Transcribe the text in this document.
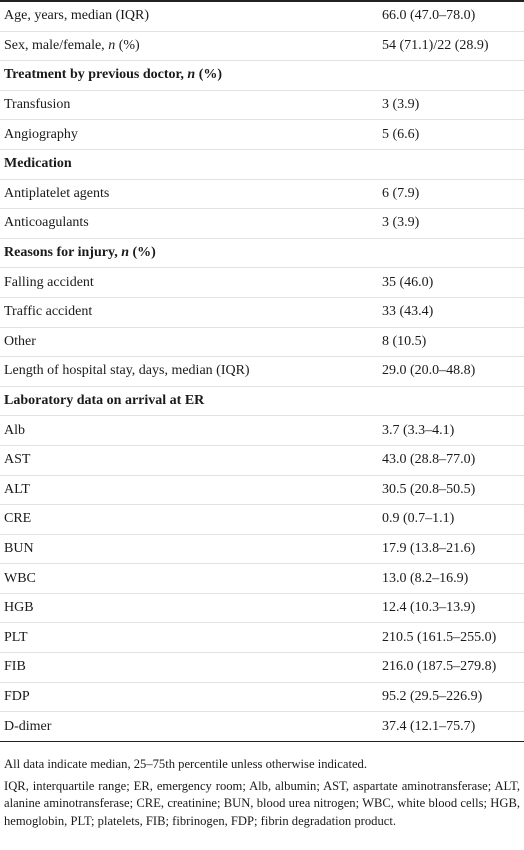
Age, years, median (IQR)	66.0 (47.0–78.0)
Sex, male/female, n (%)	54 (71.1)/22 (28.9)
Treatment by previous doctor, n (%)	
Transfusion	3 (3.9)
Angiography	5 (6.6)
Medication	
Antiplatelet agents	6 (7.9)
Anticoagulants	3 (3.9)
Reasons for injury, n (%)	
Falling accident	35 (46.0)
Traffic accident	33 (43.4)
Other	8 (10.5)
Length of hospital stay, days, median (IQR)	29.0 (20.0–48.8)
Laboratory data on arrival at ER	
Alb	3.7 (3.3–4.1)
AST	43.0 (28.8–77.0)
ALT	30.5 (20.8–50.5)
CRE	0.9 (0.7–1.1)
BUN	17.9 (13.8–21.6)
WBC	13.0 (8.2–16.9)
HGB	12.4 (10.3–13.9)
PLT	210.5 (161.5–255.0)
FIB	216.0 (187.5–279.8)
FDP	95.2 (29.5–226.9)
D-dimer	37.4 (12.1–75.7)

All data indicate median, 25–75th percentile unless otherwise indicated.

IQR, interquartile range; ER, emergency room; Alb, albumin; AST, aspartate aminotransferase; ALT, alanine aminotransferase; CRE, creatinine; BUN, blood urea nitrogen; WBC, white blood cells; HGB, hemoglobin, PLT; platelets, FIB; fibrinogen, FDP; fibrin degradation product.
